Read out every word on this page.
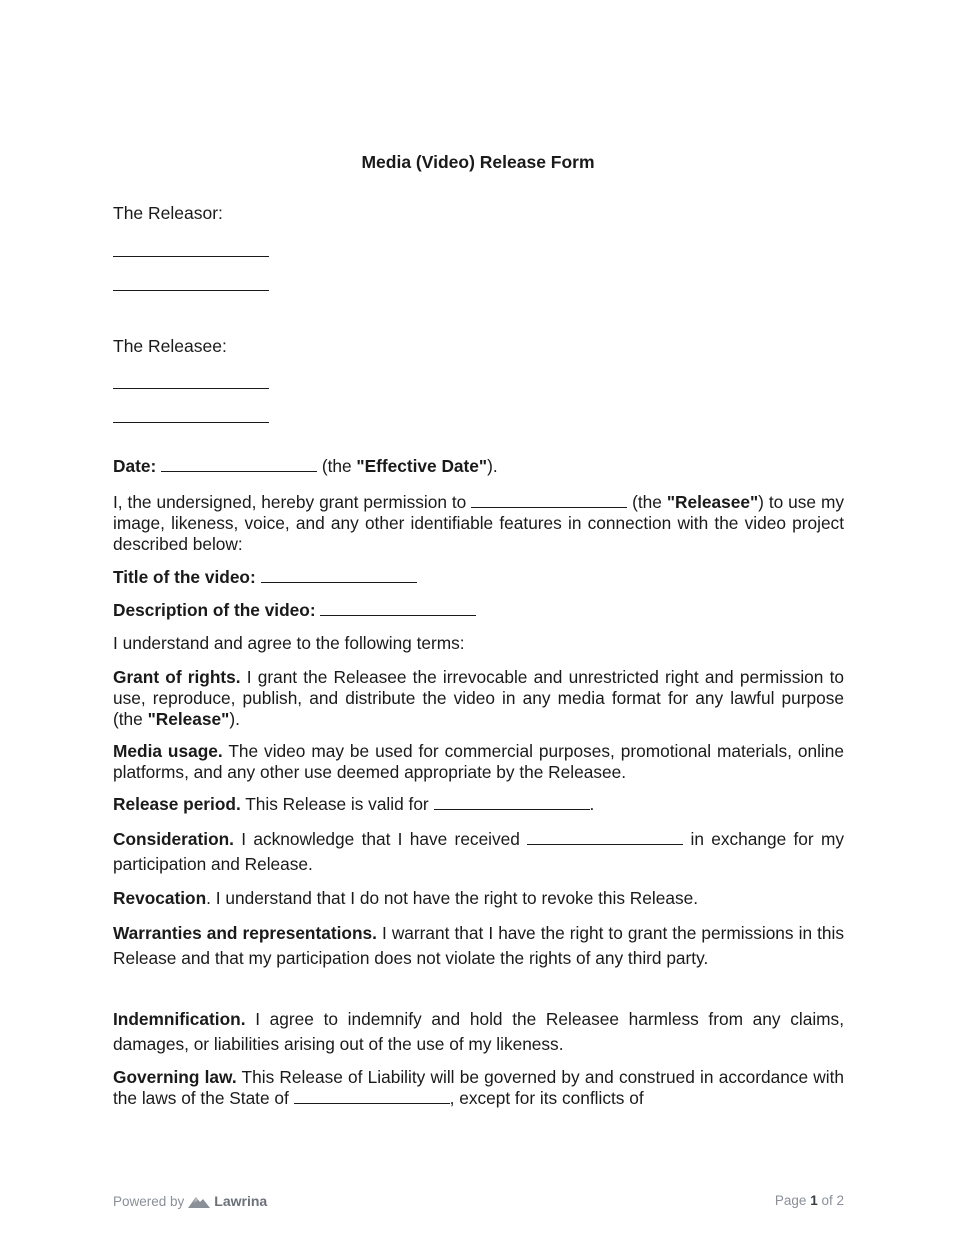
Media (Video) Release Form
The Releasor:
The Releasee:
Date:	(the "Effective Date").
I, the undersigned, hereby grant permission to	(the "Releasee") to use my image, likeness, voice, and any other identifiable features in connection with the video project described below:
Title of the video:
Description of the video:
I understand and agree to the following terms:
Grant of rights. I grant the Releasee the irrevocable and unrestricted right and permission to use, reproduce, publish, and distribute the video in any media format for any lawful purpose (the "Release").
Media usage. The video may be used for commercial purposes, promotional materials, online platforms, and any other use deemed appropriate by the Releasee.
Release period. This Release is valid for	.
Consideration. I acknowledge that I have received	in exchange for my participation and Release.
Revocation. I understand that I do not have the right to revoke this Release.
Warranties and representations. I warrant that I have the right to grant the permissions in this Release and that my participation does not violate the rights of any third party.
Indemnification. I agree to indemnify and hold the Releasee harmless from any claims, damages, or liabilities arising out of the use of my likeness.
Governing law. This Release of Liability will be governed by and construed in accordance with the laws of the State of	, except for its conflicts of
Powered by Lawrina	Page 1 of 2
